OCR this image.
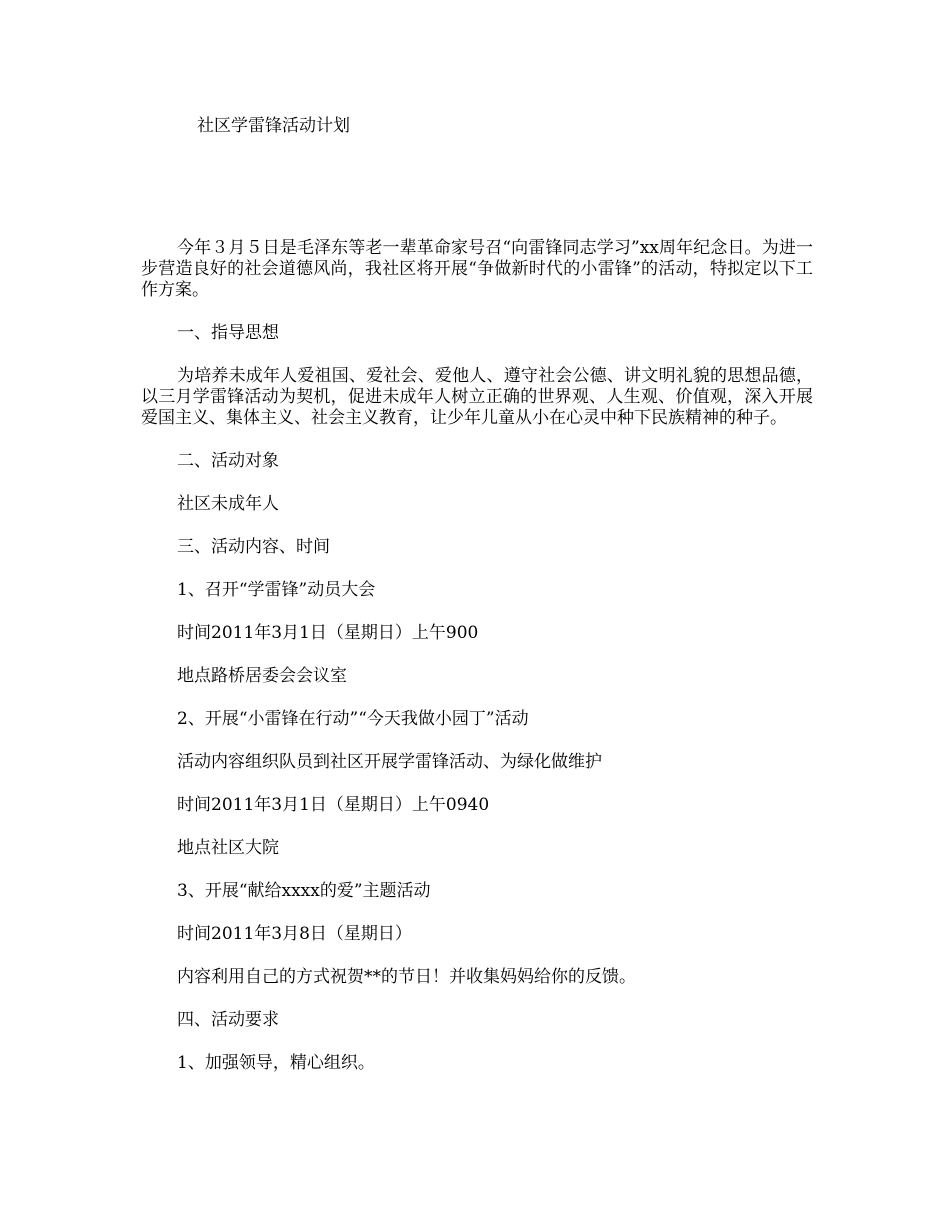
社区学雷锋活动计划

今年３月５日是毛泽东等老一辈革命家号召“向雷锋同志学习”xx周年纪念日。为进一步营造良好的社会道德风尚，我社区将开展“争做新时代的小雷锋”的活动，特拟定以下工作方案。

一、指导思想

为培养未成年人爱祖国、爱社会、爱他人、遵守社会公德、讲文明礼貌的思想品德，以三月学雷锋活动为契机，促进未成年人树立正确的世界观、人生观、价值观，深入开展爱国主义、集体主义、社会主义教育，让少年儿童从小在心灵中种下民族精神的种子。

二、活动对象

社区未成年人

三、活动内容、时间

1、召开“学雷锋”动员大会

时间2011年3月1日（星期日）上午900

地点路桥居委会会议室

2、开展“小雷锋在行动”“今天我做小园丁”活动

活动内容组织队员到社区开展学雷锋活动、为绿化做维护

时间2011年3月1日（星期日）上午0940

地点社区大院

3、开展“献给xxxx的爱”主题活动

时间2011年3月8日（星期日）

内容利用自己的方式祝贺**的节日！并收集妈妈给你的反馈。

四、活动要求

1、加强领导，精心组织。
